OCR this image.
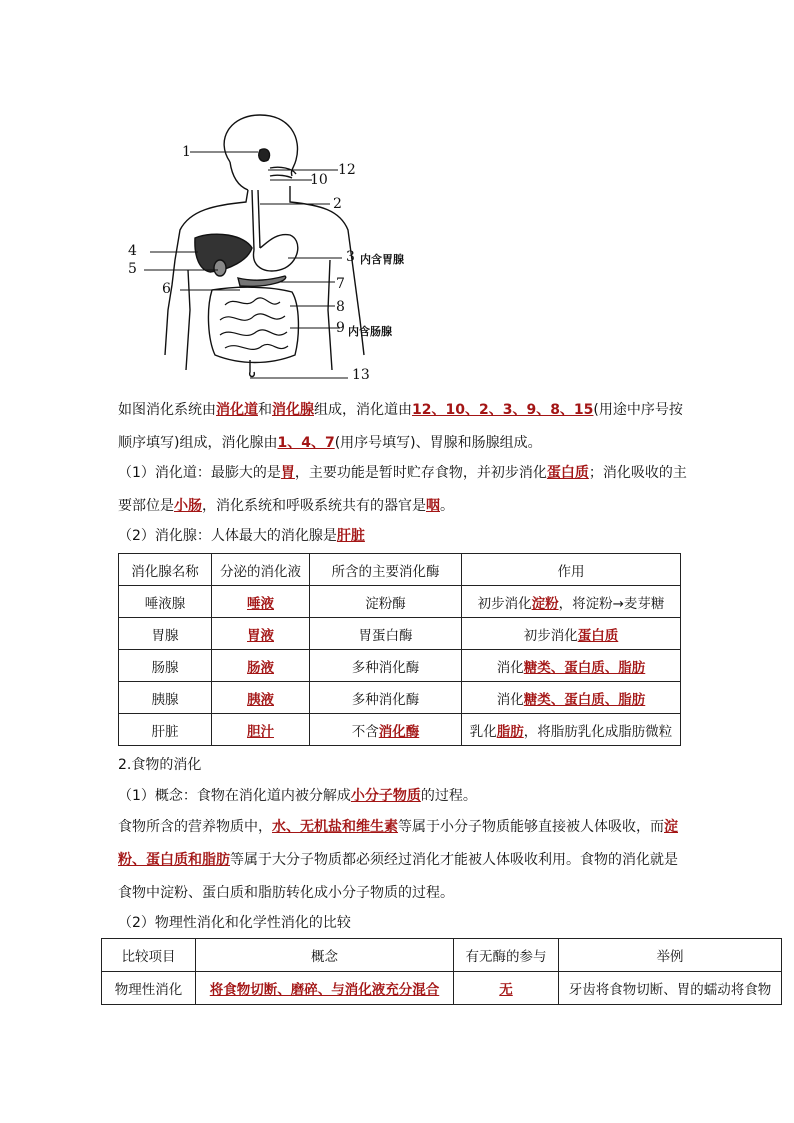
1
12
10
2
4
5
6
3 内含胃腺
7
8
9 内含肠腺
13
如图消化系统由消化道和消化腺组成，消化道由12、10、2、3、9、8、15(用途中序号按顺序填写)组成，消化腺由1、4、7(用序号填写)、胃腺和肠腺组成。
（1）消化道：最膨大的是胃，主要功能是暂时贮存食物，并初步消化蛋白质；消化吸收的主要部位是小肠，消化系统和呼吸系统共有的器官是咽。
（2）消化腺：人体最大的消化腺是肝脏
消化腺名称	分泌的消化液	所含的主要消化酶	作用
唾液腺	唾液	淀粉酶	初步消化淀粉，将淀粉→麦芽糖
胃腺	胃液	胃蛋白酶	初步消化蛋白质
肠腺	肠液	多种消化酶	消化糖类、蛋白质、脂肪
胰腺	胰液	多种消化酶	消化糖类、蛋白质、脂肪
肝脏	胆汁	不含消化酶	乳化脂肪，将脂肪乳化成脂肪微粒
2.食物的消化
（1）概念：食物在消化道内被分解成小分子物质的过程。
食物所含的营养物质中，水、无机盐和维生素等属于小分子物质能够直接被人体吸收，而淀粉、蛋白质和脂肪等属于大分子物质都必须经过消化才能被人体吸收利用。食物的消化就是食物中淀粉、蛋白质和脂肪转化成小分子物质的过程。
（2）物理性消化和化学性消化的比较
比较项目	概念	有无酶的参与	举例
物理性消化	将食物切断、磨碎、与消化液充分混合	无	牙齿将食物切断、胃的蠕动将食物
